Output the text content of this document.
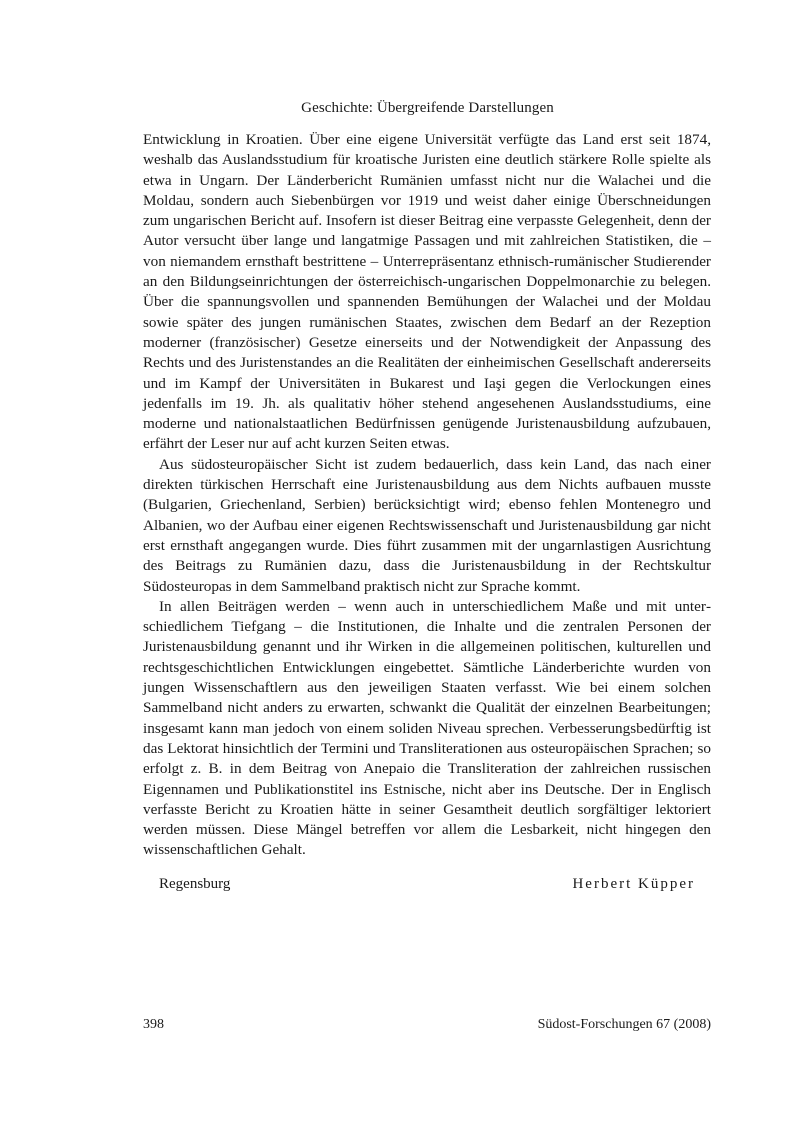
Geschichte: Übergreifende Darstellungen

Entwicklung in Kroatien. Über eine eigene Universität verfügte das Land erst seit 1874, weshalb das Auslandsstudium für kroatische Juristen eine deutlich stärkere Rolle spielte als etwa in Ungarn. Der Länderbericht Rumänien umfasst nicht nur die Walachei und die Moldau, sondern auch Siebenbürgen vor 1919 und weist daher einige Überschneidungen zum ungarischen Bericht auf. Insofern ist dieser Beitrag eine verpasste Gelegenheit, denn der Autor versucht über lange und langatmige Passagen und mit zahlreichen Statistiken, die – von niemandem ernsthaft bestrittene – Unterrepräsentanz ethnisch-rumänischer Studierender an den Bildungseinrichtungen der österreichisch-ungarischen Doppelmonarchie zu belegen. Über die spannungsvollen und spannenden Bemühungen der Walachei und der Moldau sowie später des jungen rumänischen Staates, zwischen dem Bedarf an der Rezeption moderner (französischer) Gesetze einerseits und der Notwendigkeit der Anpassung des Rechts und des Juristenstandes an die Realitäten der einheimischen Gesellschaft andererseits und im Kampf der Universitäten in Bukarest und Iaşi gegen die Verlockungen eines jedenfalls im 19. Jh. als qualitativ höher stehend angesehenen Auslandsstudiums, eine moderne und nationalstaatlichen Bedürfnissen genügende Juristenausbildung aufzubauen, erfährt der Leser nur auf acht kurzen Seiten etwas.

Aus südosteuropäischer Sicht ist zudem bedauerlich, dass kein Land, das nach einer direkten türkischen Herrschaft eine Juristenausbildung aus dem Nichts aufbauen musste (Bulgarien, Griechenland, Serbien) berücksichtigt wird; ebenso fehlen Montenegro und Albanien, wo der Aufbau einer eigenen Rechtswissenschaft und Juristenausbildung gar nicht erst ernsthaft angegangen wurde. Dies führt zusammen mit der ungarnlastigen Ausrichtung des Beitrags zu Rumänien dazu, dass die Juristenausbildung in der Rechtskultur Südosteuropas in dem Sammelband praktisch nicht zur Sprache kommt.

In allen Beiträgen werden – wenn auch in unterschiedlichem Maße und mit unterschiedlichem Tiefgang – die Institutionen, die Inhalte und die zentralen Personen der Juristenausbildung genannt und ihr Wirken in die allgemeinen politischen, kulturellen und rechtsgeschichtlichen Entwicklungen eingebettet. Sämtliche Länderberichte wurden von jungen Wissenschaftlern aus den jeweiligen Staaten verfasst. Wie bei einem solchen Sammelband nicht anders zu erwarten, schwankt die Qualität der einzelnen Bearbeitungen; insgesamt kann man jedoch von einem soliden Niveau sprechen. Verbesserungsbedürftig ist das Lektorat hinsichtlich der Termini und Transliterationen aus osteuropäischen Sprachen; so erfolgt z. B. in dem Beitrag von Anepaio die Transliteration der zahlreichen russischen Eigennamen und Publikationstitel ins Estnische, nicht aber ins Deutsche. Der in Englisch verfasste Bericht zu Kroatien hätte in seiner Gesamtheit deutlich sorgfältiger lektoriert werden müssen. Diese Mängel betreffen vor allem die Lesbarkeit, nicht hingegen den wissenschaftlichen Gehalt.

Regensburg	Herbert Küpper
398	Südost-Forschungen 67 (2008)
